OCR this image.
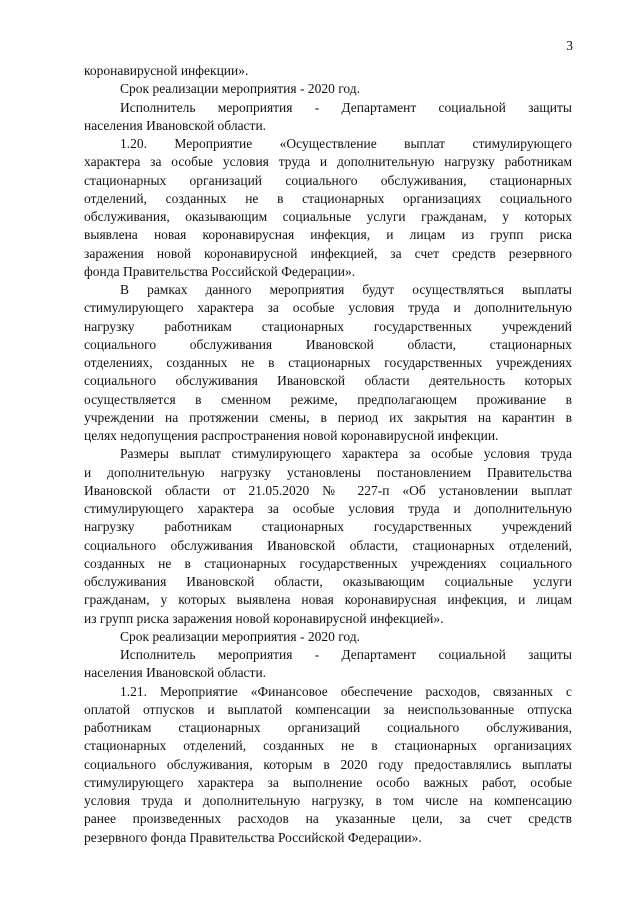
3
коронавирусной инфекции».
Срок реализации мероприятия - 2020 год.
Исполнитель мероприятия - Департамент социальной защиты
населения Ивановской области.
1.20. Мероприятие «Осуществление выплат стимулирующего
характера за особые условия труда и дополнительную нагрузку работникам
стационарных организаций социального обслуживания, стационарных
отделений, созданных не в стационарных организациях социального
обслуживания, оказывающим социальные услуги гражданам, у которых
выявлена новая коронавирусная инфекция, и лицам из групп риска
заражения новой коронавирусной инфекцией, за счет средств резервного
фонда Правительства Российской Федерации».
В рамках данного мероприятия будут осуществляться выплаты
стимулирующего характера за особые условия труда и дополнительную
нагрузку работникам стационарных государственных учреждений
социального обслуживания Ивановской области, стационарных
отделениях, созданных не в стационарных государственных учреждениях
социального обслуживания Ивановской области деятельность которых
осуществляется в сменном режиме, предполагающем проживание в
учреждении на протяжении смены, в период их закрытия на карантин в
целях недопущения распространения новой коронавирусной инфекции.
Размеры выплат стимулирующего характера за особые условия труда
и дополнительную нагрузку установлены постановлением Правительства
Ивановской области от 21.05.2020 № 227-п «Об установлении выплат
стимулирующего характера за особые условия труда и дополнительную
нагрузку работникам стационарных государственных учреждений
социального обслуживания Ивановской области, стационарных отделений,
созданных не в стационарных государственных учреждениях социального
обслуживания Ивановской области, оказывающим социальные услуги
гражданам, у которых выявлена новая коронавирусная инфекция, и лицам
из групп риска заражения новой коронавирусной инфекцией».
Срок реализации мероприятия - 2020 год.
Исполнитель мероприятия - Департамент социальной защиты
населения Ивановской области.
1.21. Мероприятие «Финансовое обеспечение расходов, связанных с
оплатой отпусков и выплатой компенсации за неиспользованные отпуска
работникам стационарных организаций социального обслуживания,
стационарных отделений, созданных не в стационарных организациях
социального обслуживания, которым в 2020 году предоставлялись выплаты
стимулирующего характера за выполнение особо важных работ, особые
условия труда и дополнительную нагрузку, в том числе на компенсацию
ранее произведенных расходов на указанные цели, за счет средств
резервного фонда Правительства Российской Федерации».
